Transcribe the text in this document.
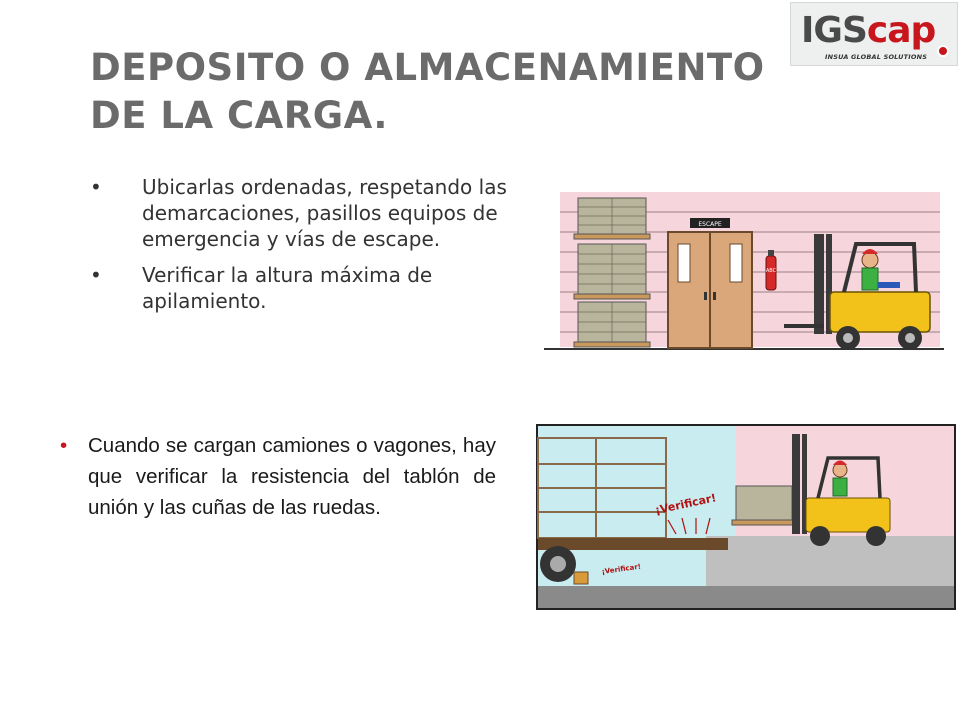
IGScap
INSUA GLOBAL SOLUTIONS
DEPOSITO O ALMACENAMIENTO
DE LA CARGA.
• Ubicarlas ordenadas, respetando las demarcaciones, pasillos equipos de emergencia y vías de escape.
• Verificar la altura máxima de apilamiento.
• Cuando se cargan camiones o vagones, hay que verificar la resistencia del tablón de unión y las cuñas de las ruedas.
ESCAPE
ABC
¡Verificar!
¡Verificar!
